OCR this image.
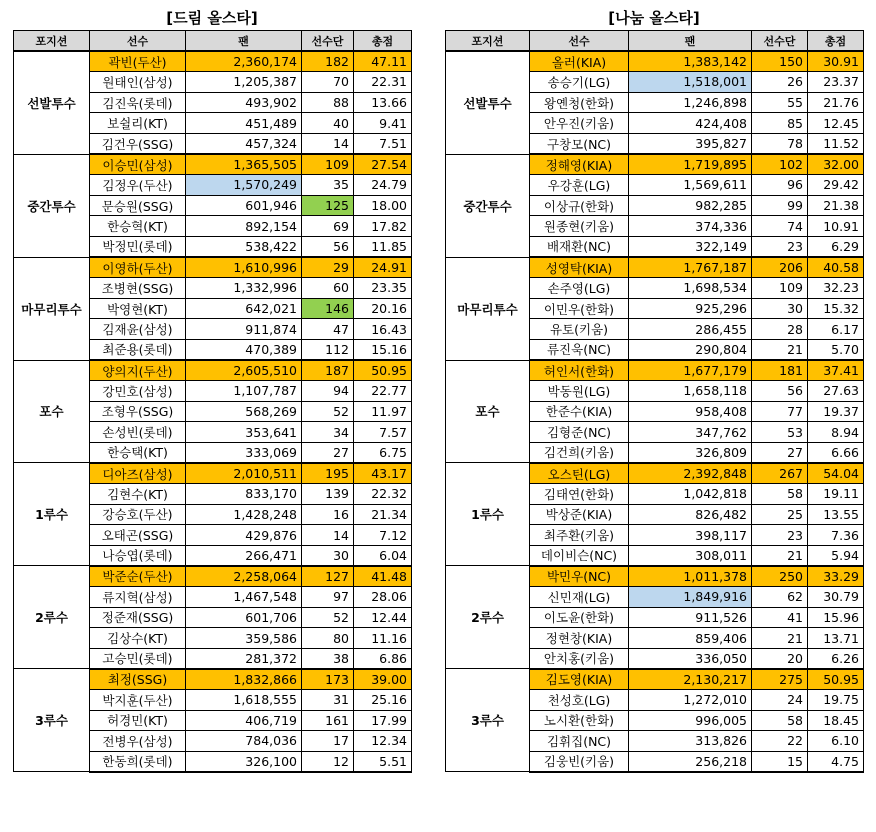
[드림 올스타]
포지션	선수	팬	선수단	총점
선발투수	곽빈(두산)	2,360,174	182	47.11
	원태인(삼성)	1,205,387	70	22.31
	김진욱(롯데)	493,902	88	13.66
	보쉴리(KT)	451,489	40	9.41
	김건우(SSG)	457,324	14	7.51
중간투수	이승민(삼성)	1,365,505	109	27.54
	김정우(두산)	1,570,249	35	24.79
	문승원(SSG)	601,946	125	18.00
	한승혁(KT)	892,154	69	17.82
	박정민(롯데)	538,422	56	11.85
마무리투수	이영하(두산)	1,610,996	29	24.91
	조병현(SSG)	1,332,996	60	23.35
	박영현(KT)	642,021	146	20.16
	김재윤(삼성)	911,874	47	16.43
	최준용(롯데)	470,389	112	15.16
포수	양의지(두산)	2,605,510	187	50.95
	강민호(삼성)	1,107,787	94	22.77
	조형우(SSG)	568,269	52	11.97
	손성빈(롯데)	353,641	34	7.57
	한승택(KT)	333,069	27	6.75
1루수	디아즈(삼성)	2,010,511	195	43.17
	김현수(KT)	833,170	139	22.32
	강승호(두산)	1,428,248	16	21.34
	오태곤(SSG)	429,876	14	7.12
	나승엽(롯데)	266,471	30	6.04
2루수	박준순(두산)	2,258,064	127	41.48
	류지혁(삼성)	1,467,548	97	28.06
	정준재(SSG)	601,706	52	12.44
	김상수(KT)	359,586	80	11.16
	고승민(롯데)	281,372	38	6.86
3루수	최정(SSG)	1,832,866	173	39.00
	박지훈(두산)	1,618,555	31	25.16
	허경민(KT)	406,719	161	17.99
	전병우(삼성)	784,036	17	12.34
	한동희(롯데)	326,100	12	5.51
[나눔 올스타]
포지션	선수	팬	선수단	총점
선발투수	올러(KIA)	1,383,142	150	30.91
	송승기(LG)	1,518,001	26	23.37
	왕옌청(한화)	1,246,898	55	21.76
	안우진(키움)	424,408	85	12.45
	구창모(NC)	395,827	78	11.52
중간투수	정해영(KIA)	1,719,895	102	32.00
	우강훈(LG)	1,569,611	96	29.42
	이상규(한화)	982,285	99	21.38
	원종현(키움)	374,336	74	10.91
	배재환(NC)	322,149	23	6.29
마무리투수	성영탁(KIA)	1,767,187	206	40.58
	손주영(LG)	1,698,534	109	32.23
	이민우(한화)	925,296	30	15.32
	유토(키움)	286,455	28	6.17
	류진욱(NC)	290,804	21	5.70
포수	허인서(한화)	1,677,179	181	37.41
	박동원(LG)	1,658,118	56	27.63
	한준수(KIA)	958,408	77	19.37
	김형준(NC)	347,762	53	8.94
	김건희(키움)	326,809	27	6.66
1루수	오스틴(LG)	2,392,848	267	54.04
	김태연(한화)	1,042,818	58	19.11
	박상준(KIA)	826,482	25	13.55
	최주환(키움)	398,117	23	7.36
	데이비슨(NC)	308,011	21	5.94
2루수	박민우(NC)	1,011,378	250	33.29
	신민재(LG)	1,849,916	62	30.79
	이도윤(한화)	911,526	41	15.96
	정현창(KIA)	859,406	21	13.71
	안치홍(키움)	336,050	20	6.26
3루수	김도영(KIA)	2,130,217	275	50.95
	천성호(LG)	1,272,010	24	19.75
	노시환(한화)	996,005	58	18.45
	김휘집(NC)	313,826	22	6.10
	김웅빈(키움)	256,218	15	4.75
